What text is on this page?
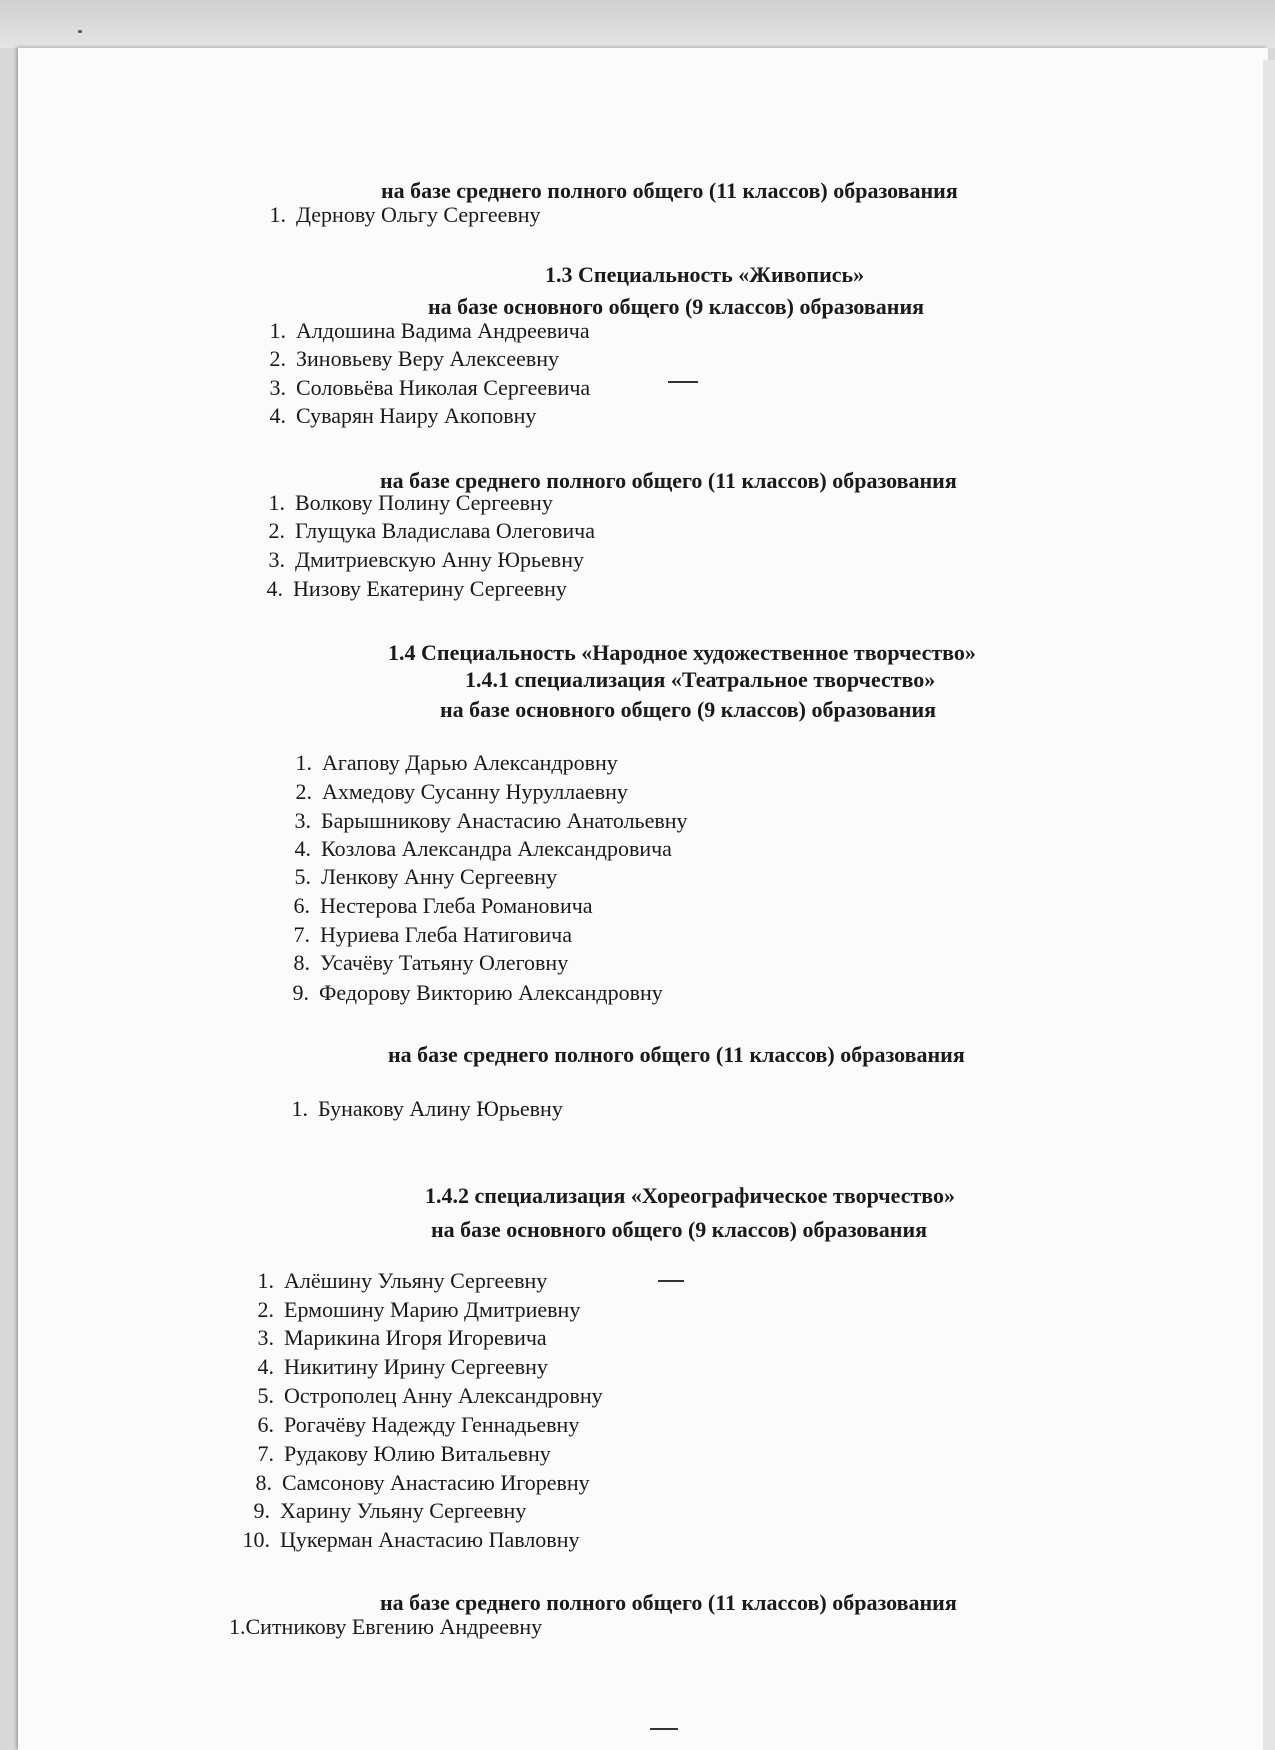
на базе среднего полного общего (11 классов) образования
1. Дернову Ольгу Сергеевну
1.3 Специальность «Живопись»
на базе основного общего (9 классов) образования
1. Алдошина Вадима Андреевича
2. Зиновьеву Веру Алексеевну
3. Соловьёва Николая Сергеевича
4. Суварян Наиру Акоповну
на базе среднего полного общего (11 классов) образования
1. Волкову Полину Сергеевну
2. Глущука Владислава Олеговича
3. Дмитриевскую Анну Юрьевну
4. Низову Екатерину Сергеевну
1.4 Специальность «Народное художественное творчество»
1.4.1 специализация «Театральное творчество»
на базе основного общего (9 классов) образования
1. Агапову Дарью Александровну
2. Ахмедову Сусанну Нуруллаевну
3. Барышникову Анастасию Анатольевну
4. Козлова Александра Александровича
5. Ленкову Анну Сергеевну
6. Нестерова Глеба Романовича
7. Нуриева Глеба Натиговича
8. Усачёву Татьяну Олеговну
9. Федорову Викторию Александровну
на базе среднего полного общего (11 классов) образования
1. Бунакову Алину Юрьевну
1.4.2 специализация «Хореографическое творчество»
на базе основного общего (9 классов) образования
1. Алёшину Ульяну Сергеевну
2. Ермошину Марию Дмитриевну
3. Марикина Игоря Игоревича
4. Никитину Ирину Сергеевну
5. Острополец Анну Александровну
6. Рогачёву Надежду Геннадьевну
7. Рудакову Юлию Витальевну
8. Самсонову Анастасию Игоревну
9. Харину Ульяну Сергеевну
10. Цукерман Анастасию Павловну
на базе среднего полного общего (11 классов) образования
1.Ситникову Евгению Андреевну
